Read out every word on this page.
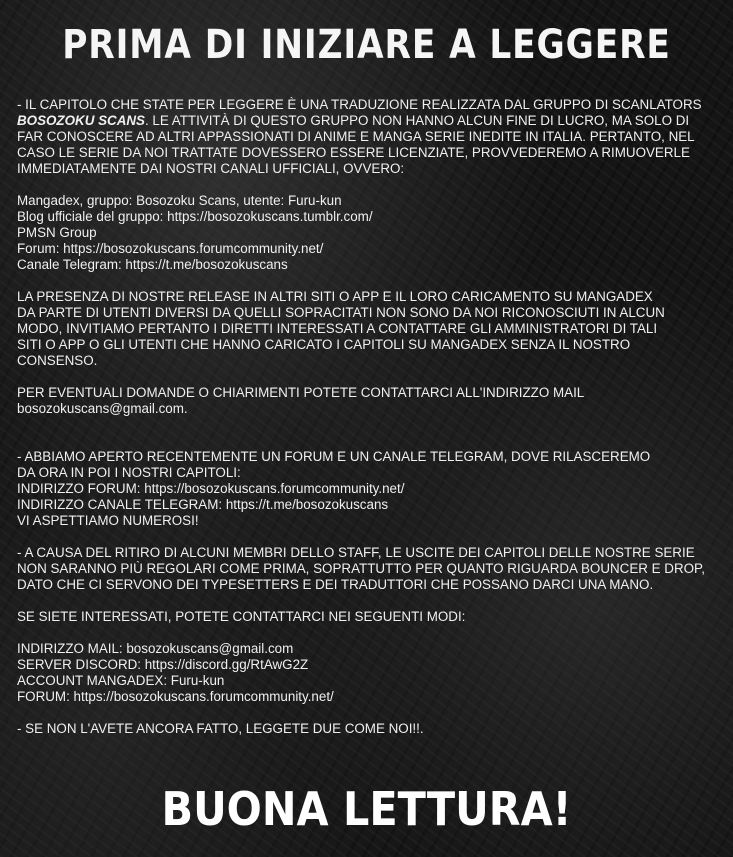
PRIMA DI INIZIARE A LEGGERE
- IL CAPITOLO CHE STATE PER LEGGERE È UNA TRADUZIONE REALIZZATA DAL GRUPPO DI SCANLATORS
BOSOZOKU SCANS. LE ATTIVITÀ DI QUESTO GRUPPO NON HANNO ALCUN FINE DI LUCRO, MA SOLO DI
FAR CONOSCERE AD ALTRI APPASSIONATI DI ANIME E MANGA SERIE INEDITE IN ITALIA. PERTANTO, NEL
CASO LE SERIE DA NOI TRATTATE DOVESSERO ESSERE LICENZIATE, PROVVEDEREMO A RIMUOVERLE
IMMEDIATAMENTE DAI NOSTRI CANALI UFFICIALI, OVVERO:
Mangadex, gruppo: Bosozoku Scans, utente: Furu-kun
Blog ufficiale del gruppo: https://bosozokuscans.tumblr.com/
PMSN Group
Forum: https://bosozokuscans.forumcommunity.net/
Canale Telegram: https://t.me/bosozokuscans
LA PRESENZA DI NOSTRE RELEASE IN ALTRI SITI O APP E IL LORO CARICAMENTO SU MANGADEX
DA PARTE DI UTENTI DIVERSI DA QUELLI SOPRACITATI NON SONO DA NOI RICONOSCIUTI IN ALCUN
MODO, INVITIAMO PERTANTO I DIRETTI INTERESSATI A CONTATTARE GLI AMMINISTRATORI DI TALI
SITI O APP O GLI UTENTI CHE HANNO CARICATO I CAPITOLI SU MANGADEX SENZA IL NOSTRO
CONSENSO.
PER EVENTUALI DOMANDE O CHIARIMENTI POTETE CONTATTARCI ALL'INDIRIZZO MAIL
bosozokuscans@gmail.com.
- ABBIAMO APERTO RECENTEMENTE UN FORUM E UN CANALE TELEGRAM, DOVE RILASCEREMO
DA ORA IN POI I NOSTRI CAPITOLI:
INDIRIZZO FORUM: https://bosozokuscans.forumcommunity.net/
INDIRIZZO CANALE TELEGRAM: https://t.me/bosozokuscans
VI ASPETTIAMO NUMEROSI!
- A CAUSA DEL RITIRO DI ALCUNI MEMBRI DELLO STAFF, LE USCITE DEI CAPITOLI DELLE NOSTRE SERIE
NON SARANNO PIÙ REGOLARI COME PRIMA, SOPRATTUTTO PER QUANTO RIGUARDA BOUNCER E DROP,
DATO CHE CI SERVONO DEI TYPESETTERS E DEI TRADUTTORI CHE POSSANO DARCI UNA MANO.
SE SIETE INTERESSATI, POTETE CONTATTARCI NEI SEGUENTI MODI:
INDIRIZZO MAIL: bosozokuscans@gmail.com
SERVER DISCORD: https://discord.gg/RtAwG2Z
ACCOUNT MANGADEX: Furu-kun
FORUM: https://bosozokuscans.forumcommunity.net/
- SE NON L'AVETE ANCORA FATTO, LEGGETE DUE COME NOI!!.
BUONA LETTURA!
